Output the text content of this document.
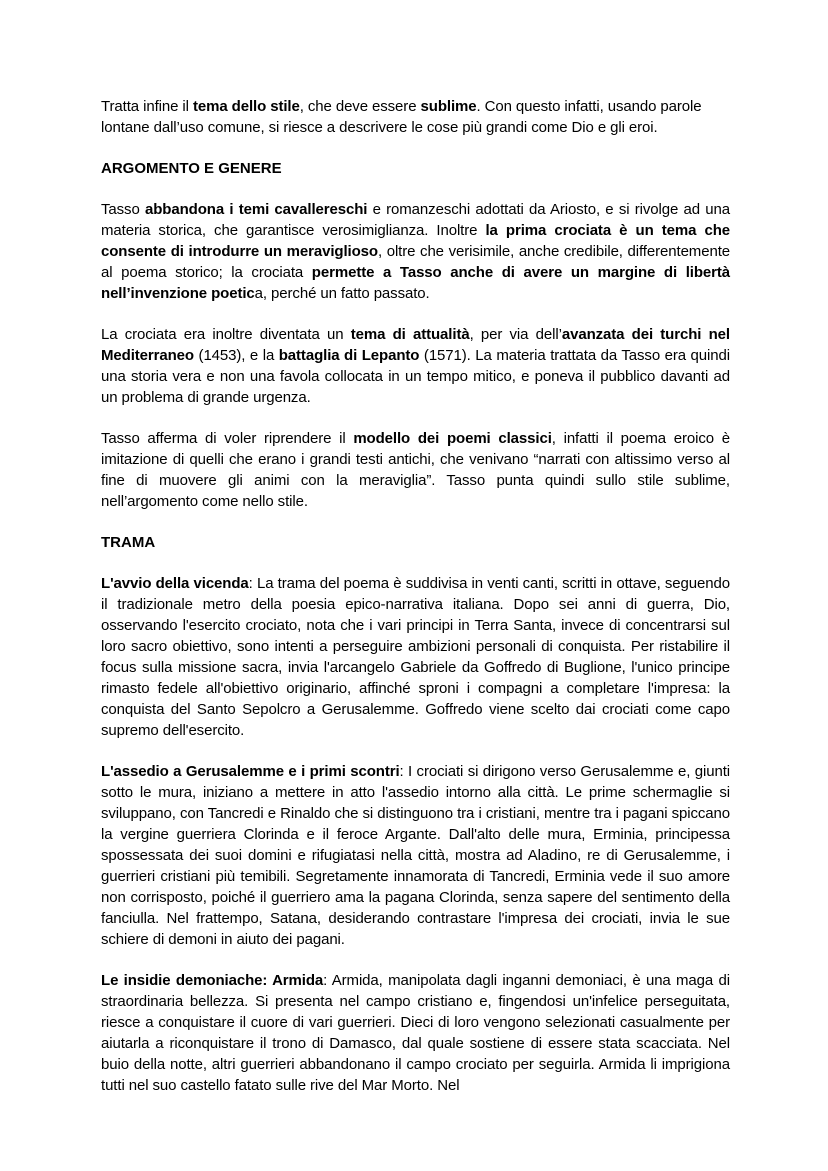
Tratta infine il tema dello stile, che deve essere sublime. Con questo infatti, usando parole lontane dall’uso comune, si riesce a descrivere le cose più grandi come Dio e gli eroi.

ARGOMENTO E GENERE

Tasso abbandona i temi cavallereschi e romanzeschi adottati da Ariosto, e si rivolge ad una materia storica, che garantisce verosimiglianza. Inoltre la prima crociata è un tema che consente di introdurre un meraviglioso, oltre che verisimile, anche credibile, differentemente al poema storico; la crociata permette a Tasso anche di avere un margine di libertà nell’invenzione poetica, perché un fatto passato.

La crociata era inoltre diventata un tema di attualità, per via dell’avanzata dei turchi nel Mediterraneo (1453), e la battaglia di Lepanto (1571). La materia trattata da Tasso era quindi una storia vera e non una favola collocata in un tempo mitico, e poneva il pubblico davanti ad un problema di grande urgenza.

Tasso afferma di voler riprendere il modello dei poemi classici, infatti il poema eroico è imitazione di quelli che erano i grandi testi antichi, che venivano “narrati con altissimo verso al fine di muovere gli animi con la meraviglia”. Tasso punta quindi sullo stile sublime, nell’argomento come nello stile.

TRAMA

L'avvio della vicenda: La trama del poema è suddivisa in venti canti, scritti in ottave, seguendo il tradizionale metro della poesia epico-narrativa italiana. Dopo sei anni di guerra, Dio, osservando l'esercito crociato, nota che i vari principi in Terra Santa, invece di concentrarsi sul loro sacro obiettivo, sono intenti a perseguire ambizioni personali di conquista. Per ristabilire il focus sulla missione sacra, invia l'arcangelo Gabriele da Goffredo di Buglione, l'unico principe rimasto fedele all'obiettivo originario, affinché sproni i compagni a completare l'impresa: la conquista del Santo Sepolcro a Gerusalemme. Goffredo viene scelto dai crociati come capo supremo dell'esercito.

L'assedio a Gerusalemme e i primi scontri: I crociati si dirigono verso Gerusalemme e, giunti sotto le mura, iniziano a mettere in atto l'assedio intorno alla città. Le prime schermaglie si sviluppano, con Tancredi e Rinaldo che si distinguono tra i cristiani, mentre tra i pagani spiccano la vergine guerriera Clorinda e il feroce Argante. Dall'alto delle mura, Erminia, principessa spossessata dei suoi domini e rifugiatasi nella città, mostra ad Aladino, re di Gerusalemme, i guerrieri cristiani più temibili. Segretamente innamorata di Tancredi, Erminia vede il suo amore non corrisposto, poiché il guerriero ama la pagana Clorinda, senza sapere del sentimento della fanciulla. Nel frattempo, Satana, desiderando contrastare l'impresa dei crociati, invia le sue schiere di demoni in aiuto dei pagani.

Le insidie demoniache: Armida: Armida, manipolata dagli inganni demoniaci, è una maga di straordinaria bellezza. Si presenta nel campo cristiano e, fingendosi un'infelice perseguitata, riesce a conquistare il cuore di vari guerrieri. Dieci di loro vengono selezionati casualmente per aiutarla a riconquistare il trono di Damasco, dal quale sostiene di essere stata scacciata. Nel buio della notte, altri guerrieri abbandonano il campo crociato per seguirla. Armida li imprigiona tutti nel suo castello fatato sulle rive del Mar Morto. Nel
